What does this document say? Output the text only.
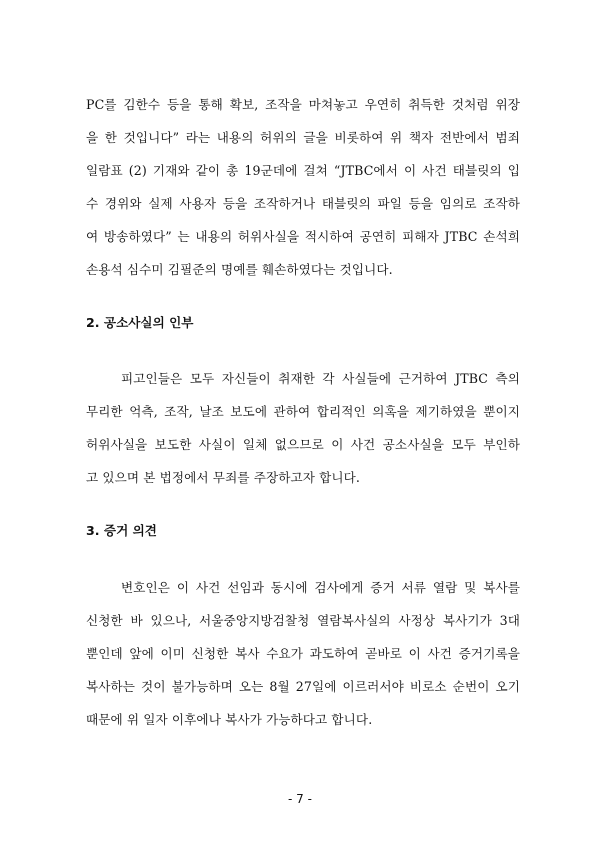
PC를 김한수 등을 통해 확보, 조작을 마쳐놓고 우연히 취득한 것처럼 위장
을 한 것입니다” 라는 내용의 허위의 글을 비롯하여 위 책자 전반에서 범죄
일람표 (2) 기재와 같이 총 19군데에 걸쳐 “JTBC에서 이 사건 태블릿의 입
수 경위와 실제 사용자 등을 조작하거나 태블릿의 파일 등을 임의로 조작하
여 방송하였다” 는 내용의 허위사실을 적시하여 공연히 피해자 JTBC 손석희
손용석 심수미 김필준의 명예를 훼손하였다는 것입니다.
2. 공소사실의 인부
피고인들은 모두 자신들이 취재한 각 사실들에 근거하여 JTBC 측의
무리한 억측, 조작, 날조 보도에 관하여 합리적인 의혹을 제기하였을 뿐이지
허위사실을 보도한 사실이 일체 없으므로 이 사건 공소사실을 모두 부인하
고 있으며 본 법정에서 무죄를 주장하고자 합니다.
3. 증거 의견
변호인은 이 사건 선임과 동시에 검사에게 증거 서류 열람 및 복사를
신청한 바 있으나, 서울중앙지방검찰청 열람복사실의 사정상 복사기가 3대
뿐인데 앞에 이미 신청한 복사 수요가 과도하여 곧바로 이 사건 증거기록을
복사하는 것이 불가능하며 오는 8월 27일에 이르러서야 비로소 순번이 오기
때문에 위 일자 이후에나 복사가 가능하다고 합니다.
- 7 -
